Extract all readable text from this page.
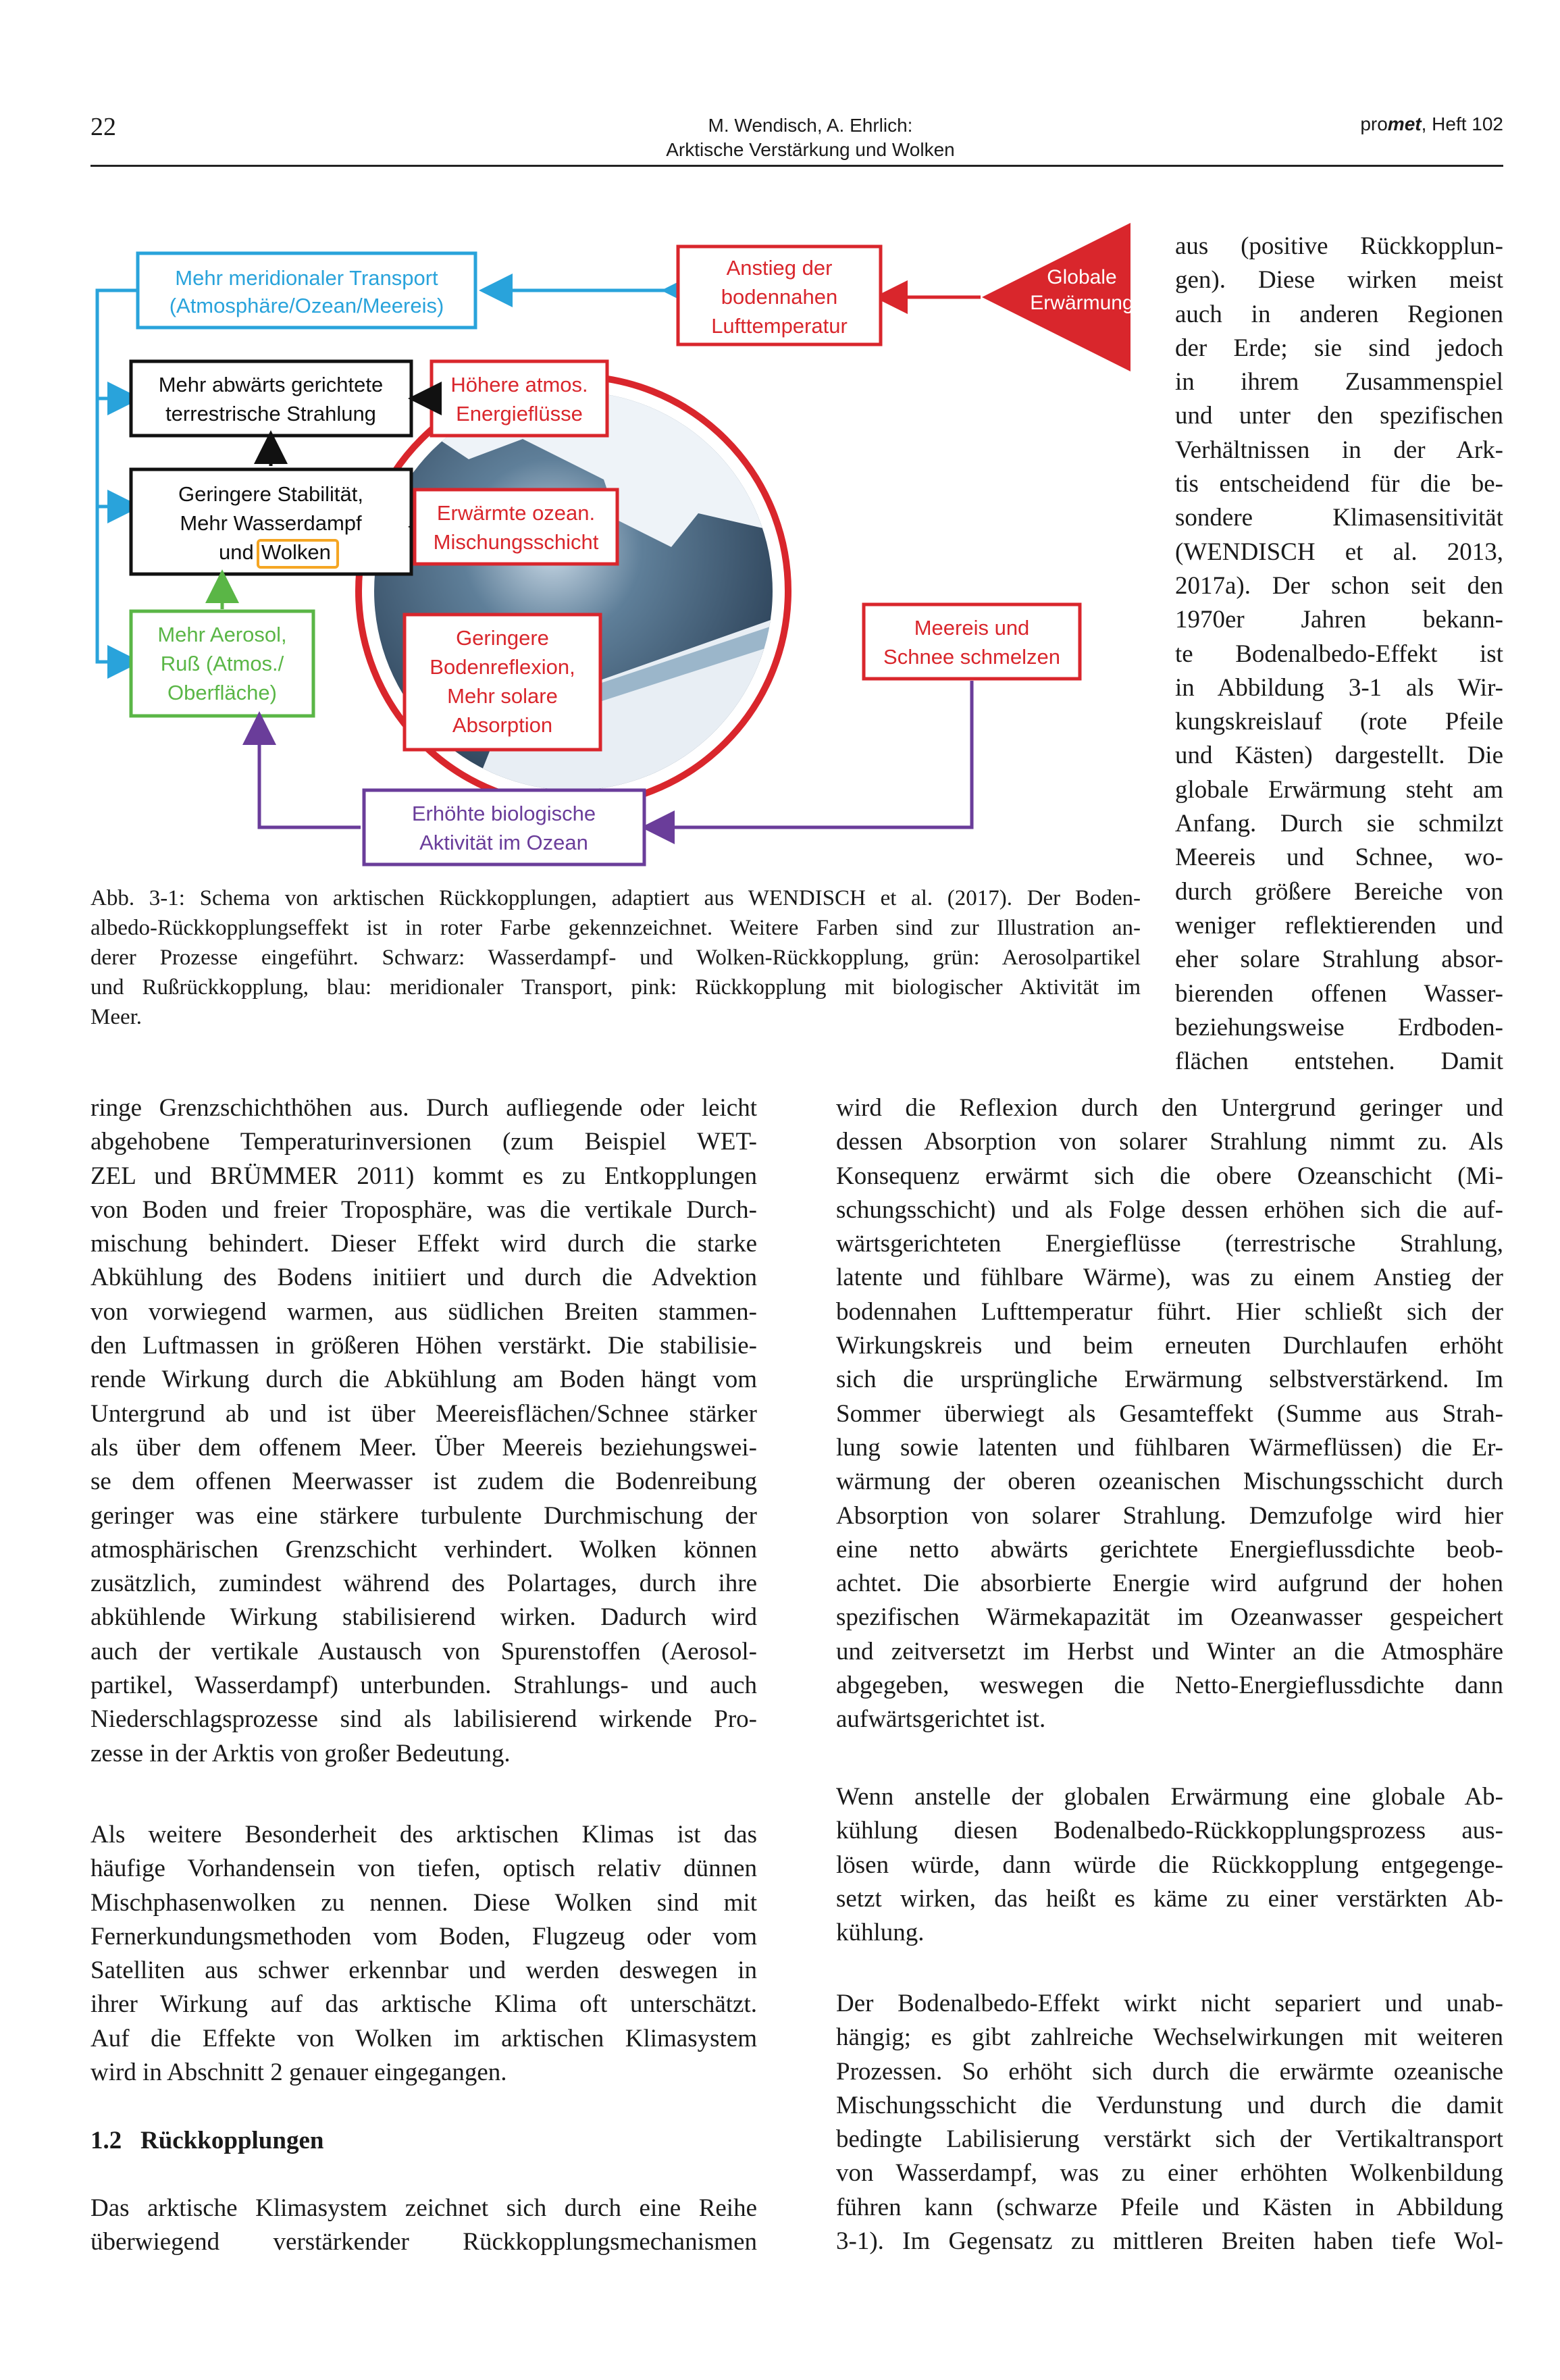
22	M. Wendisch, A. Ehrlich:
Arktische Verstärkung und Wolken
promet, Heft 102
Globale
Erwärmung
Mehr meridionaler Transport
(Atmosphäre/Ozean/Meereis)
Anstieg der
bodennahen
Lufttemperatur
Mehr abwärts gerichtete
terrestrische Strahlung
Geringere Stabilität,
Mehr Wasserdampf
und Wolken
Höhere atmos.
Energieflüsse
Erwärmte ozean.
Mischungsschicht
Mehr Aerosol,
Ruß (Atmos./
Oberfläche)
Geringere
Bodenreflexion,
Mehr solare
Absorption
Meereis und
Schnee schmelzen
Erhöhte biologische
Aktivität im Ozean
Abb. 3-1: Schema von arktischen Rückkopplungen, adaptiert aus WENDISCH et al. (2017). Der Boden-
albedo-Rückkopplungseffekt ist in roter Farbe gekennzeichnet. Weitere Farben sind zur Illustration an-
derer Prozesse eingeführt. Schwarz: Wasserdampf- und Wolken-Rückkopplung, grün: Aerosolpartikel
und Rußrückkopplung, blau: meridionaler Transport, pink: Rückkopplung mit biologischer Aktivität im
Meer.
aus (positive Rückkopplun-
gen). Diese wirken meist
auch in anderen Regionen
der Erde; sie sind jedoch
in ihrem Zusammenspiel
und unter den spezifischen
Verhältnissen in der Ark-
tis entscheidend für die be-
sondere Klimasensitivität
(WENDISCH et al. 2013,
2017a). Der schon seit den
1970er Jahren bekann-
te Bodenalbedo-Effekt ist
in Abbildung 3-1 als Wir-
kungskreislauf (rote Pfeile
und Kästen) dargestellt. Die
globale Erwärmung steht am
Anfang. Durch sie schmilzt
Meereis und Schnee, wo-
durch größere Bereiche von
weniger reflektierenden und
eher solare Strahlung absor-
bierenden offenen Wasser-
beziehungsweise Erdboden-
flächen entstehen. Damit
ringe Grenzschichthöhen aus. Durch aufliegende oder leicht
abgehobene Temperaturinversionen (zum Beispiel WET-
ZEL und BRÜMMER 2011) kommt es zu Entkopplungen
von Boden und freier Troposphäre, was die vertikale Durch-
mischung behindert. Dieser Effekt wird durch die starke
Abkühlung des Bodens initiiert und durch die Advektion
von vorwiegend warmen, aus südlichen Breiten stammen-
den Luftmassen in größeren Höhen verstärkt. Die stabilisie-
rende Wirkung durch die Abkühlung am Boden hängt vom
Untergrund ab und ist über Meereisflächen/Schnee stärker
als über dem offenem Meer. Über Meereis beziehungswei-
se dem offenen Meerwasser ist zudem die Bodenreibung
geringer was eine stärkere turbulente Durchmischung der
atmosphärischen Grenzschicht verhindert. Wolken können
zusätzlich, zumindest während des Polartages, durch ihre
abkühlende Wirkung stabilisierend wirken. Dadurch wird
auch der vertikale Austausch von Spurenstoffen (Aerosol-
partikel, Wasserdampf) unterbunden. Strahlungs- und auch
Niederschlagsprozesse sind als labilisierend wirkende Pro-
zesse in der Arktis von großer Bedeutung.
Als weitere Besonderheit des arktischen Klimas ist das
häufige Vorhandensein von tiefen, optisch relativ dünnen
Mischphasenwolken zu nennen. Diese Wolken sind mit
Fernerkundungsmethoden vom Boden, Flugzeug oder vom
Satelliten aus schwer erkennbar und werden deswegen in
ihrer Wirkung auf das arktische Klima oft unterschätzt.
Auf die Effekte von Wolken im arktischen Klimasystem
wird in Abschnitt 2 genauer eingegangen.
1.2 Rückkopplungen
Das arktische Klimasystem zeichnet sich durch eine Reihe
überwiegend verstärkender Rückkopplungsmechanismen
wird die Reflexion durch den Untergrund geringer und
dessen Absorption von solarer Strahlung nimmt zu. Als
Konsequenz erwärmt sich die obere Ozeanschicht (Mi-
schungsschicht) und als Folge dessen erhöhen sich die auf-
wärtsgerichteten Energieflüsse (terrestrische Strahlung,
latente und fühlbare Wärme), was zu einem Anstieg der
bodennahen Lufttemperatur führt. Hier schließt sich der
Wirkungskreis und beim erneuten Durchlaufen erhöht
sich die ursprüngliche Erwärmung selbstverstärkend. Im
Sommer überwiegt als Gesamteffekt (Summe aus Strah-
lung sowie latenten und fühlbaren Wärmeflüssen) die Er-
wärmung der oberen ozeanischen Mischungsschicht durch
Absorption von solarer Strahlung. Demzufolge wird hier
eine netto abwärts gerichtete Energieflussdichte beob-
achtet. Die absorbierte Energie wird aufgrund der hohen
spezifischen Wärmekapazität im Ozeanwasser gespeichert
und zeitversetzt im Herbst und Winter an die Atmosphäre
abgegeben, weswegen die Netto-Energieflussdichte dann
aufwärtsgerichtet ist.
Wenn anstelle der globalen Erwärmung eine globale Ab-
kühlung diesen Bodenalbedo-Rückkopplungsprozess aus-
lösen würde, dann würde die Rückkopplung entgegenge-
setzt wirken, das heißt es käme zu einer verstärkten Ab-
kühlung.
Der Bodenalbedo-Effekt wirkt nicht separiert und unab-
hängig; es gibt zahlreiche Wechselwirkungen mit weiteren
Prozessen. So erhöht sich durch die erwärmte ozeanische
Mischungsschicht die Verdunstung und durch die damit
bedingte Labilisierung verstärkt sich der Vertikaltransport
von Wasserdampf, was zu einer erhöhten Wolkenbildung
führen kann (schwarze Pfeile und Kästen in Abbildung
3-1). Im Gegensatz zu mittleren Breiten haben tiefe Wol-
